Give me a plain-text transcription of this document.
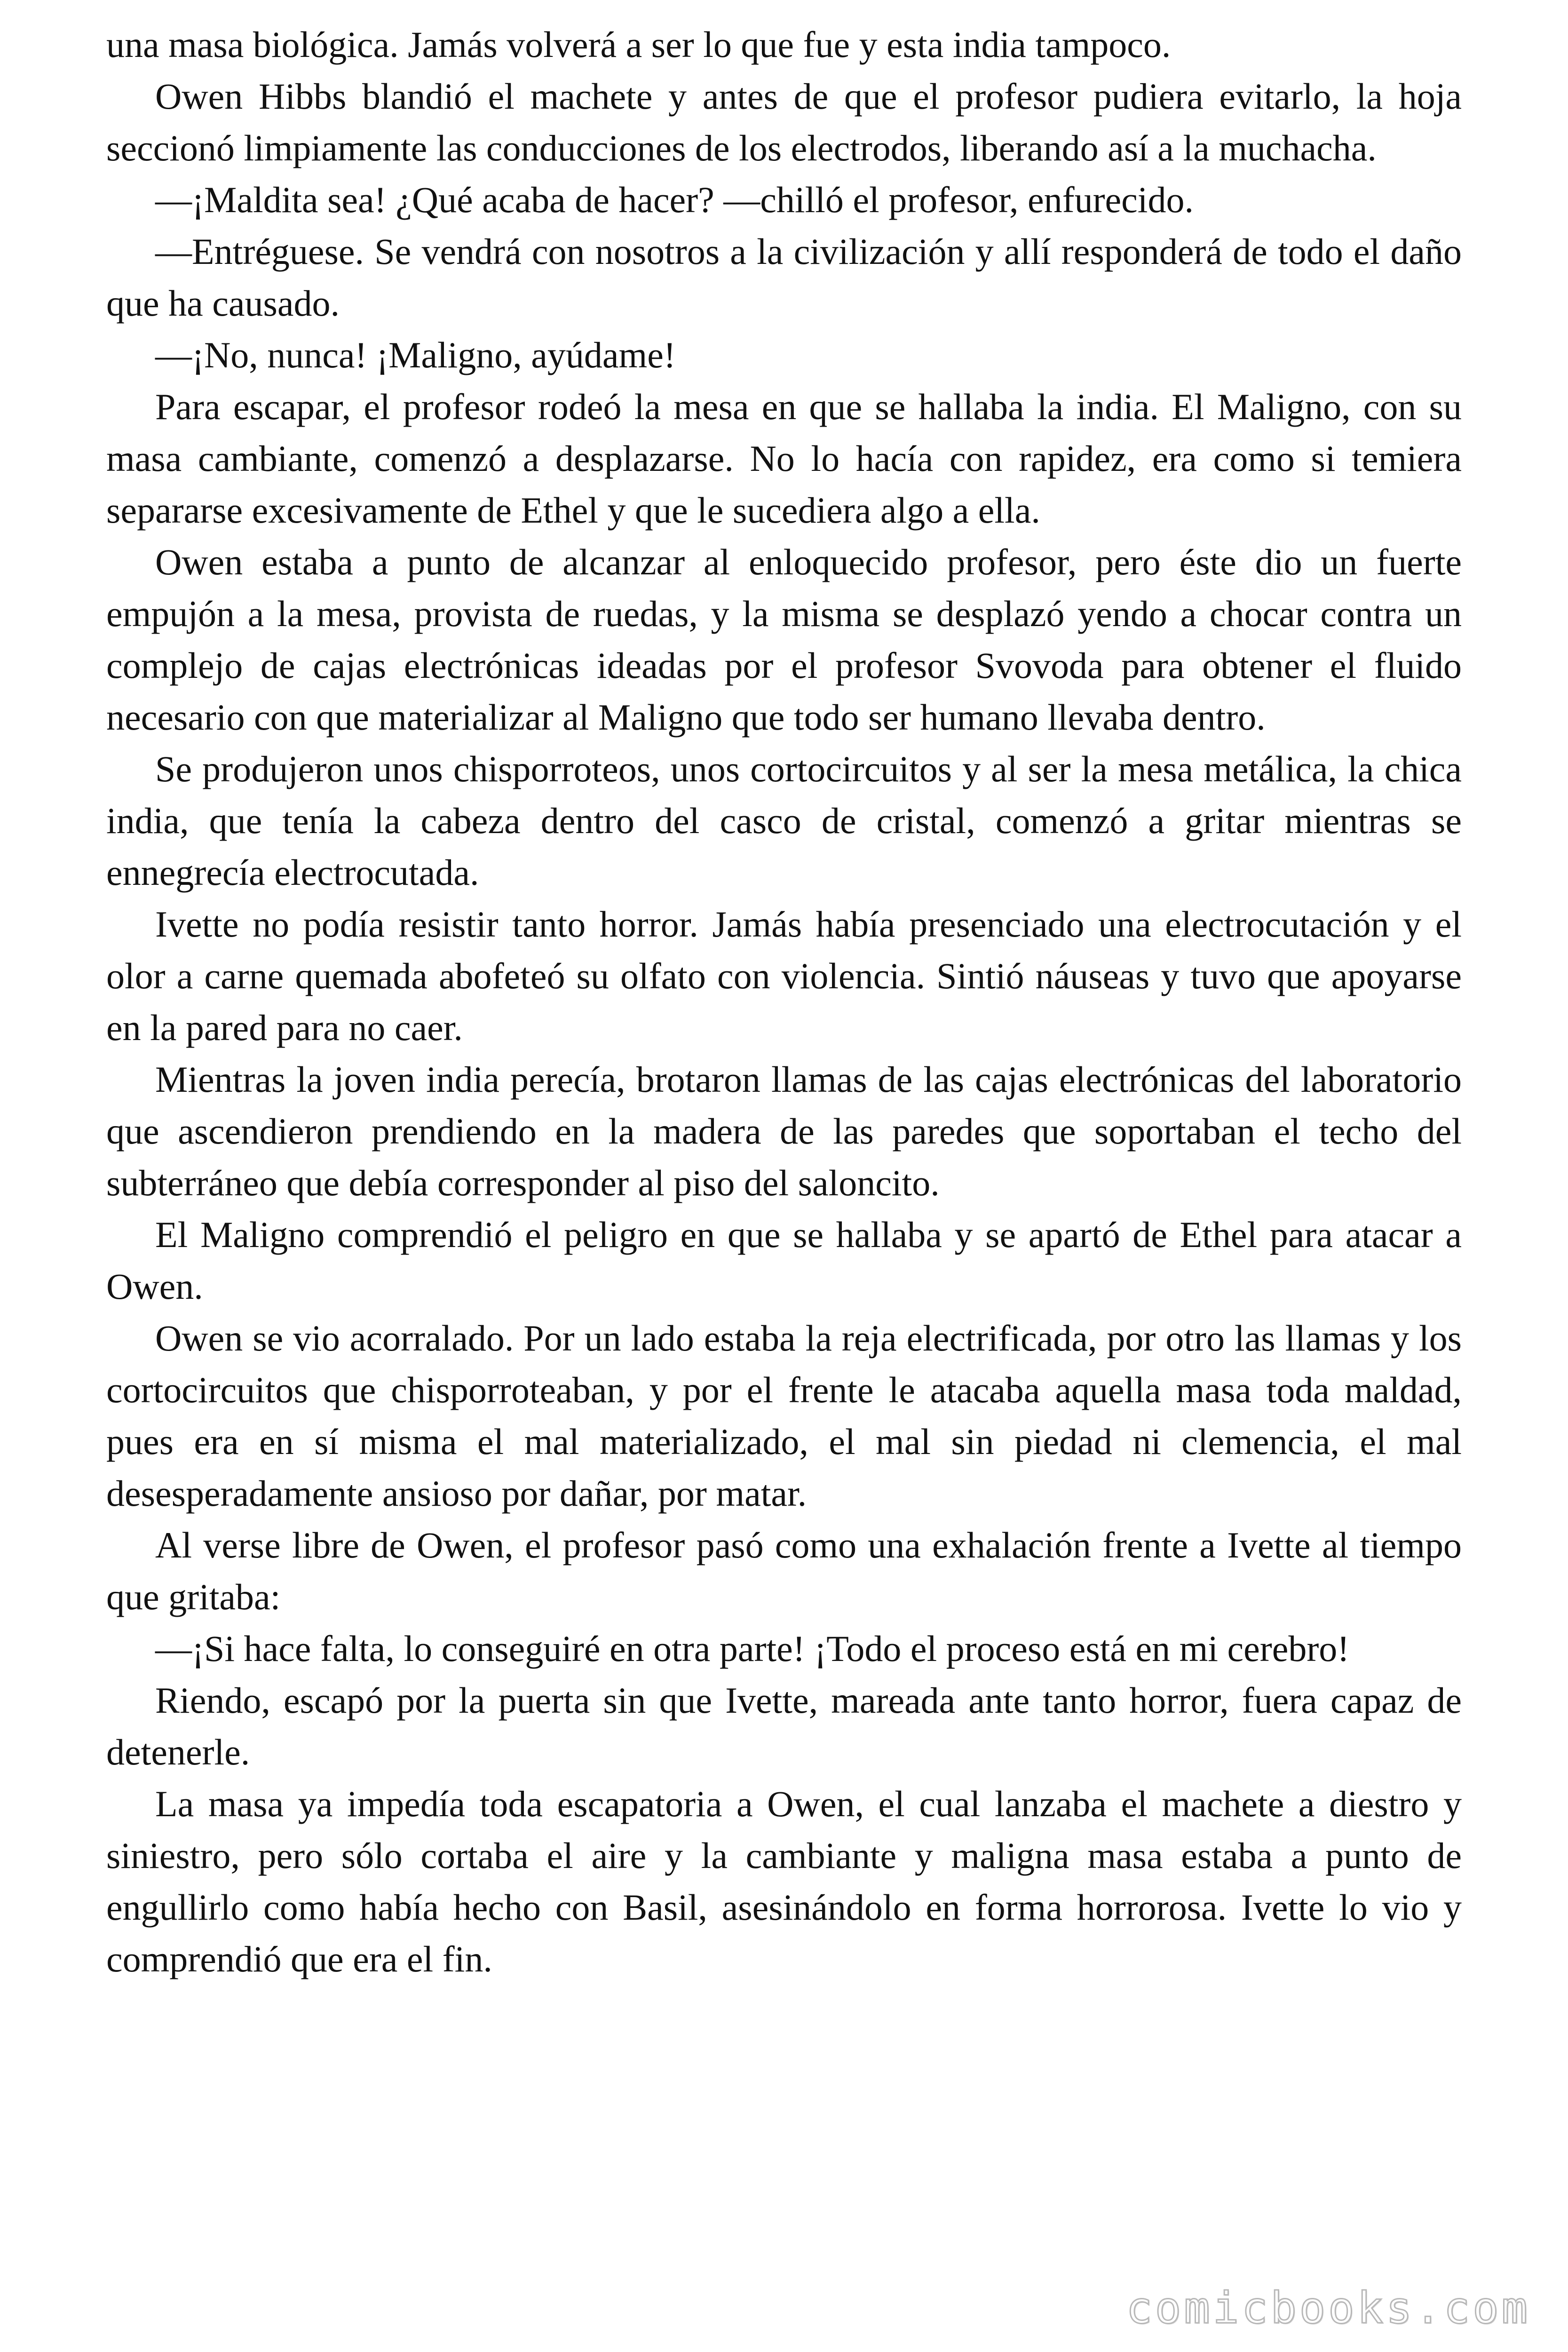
una masa biológica. Jamás volverá a ser lo que fue y esta india tampoco.

Owen Hibbs blandió el machete y antes de que el profesor pudiera evitarlo, la hoja seccionó limpiamente las conducciones de los electrodos, liberando así a la muchacha.

—¡Maldita sea! ¿Qué acaba de hacer? —chilló el profesor, enfurecido.

—Entréguese. Se vendrá con nosotros a la civilización y allí responderá de todo el daño que ha causado.

—¡No, nunca! ¡Maligno, ayúdame!

Para escapar, el profesor rodeó la mesa en que se hallaba la india. El Maligno, con su masa cambiante, comenzó a desplazarse. No lo hacía con rapidez, era como si temiera separarse excesivamente de Ethel y que le sucediera algo a ella.

Owen estaba a punto de alcanzar al enloquecido profesor, pero éste dio un fuerte empujón a la mesa, provista de ruedas, y la misma se desplazó yendo a chocar contra un complejo de cajas electrónicas ideadas por el profesor Svovoda para obtener el fluido necesario con que materializar al Maligno que todo ser humano llevaba dentro.

Se produjeron unos chisporroteos, unos cortocircuitos y al ser la mesa metálica, la chica india, que tenía la cabeza dentro del casco de cristal, comenzó a gritar mientras se ennegrecía electrocutada.

Ivette no podía resistir tanto horror. Jamás había presenciado una electrocutación y el olor a carne quemada abofeteó su olfato con violencia. Sintió náuseas y tuvo que apoyarse en la pared para no caer.

Mientras la joven india perecía, brotaron llamas de las cajas electrónicas del laboratorio que ascendieron prendiendo en la madera de las paredes que soportaban el techo del subterráneo que debía corresponder al piso del saloncito.

El Maligno comprendió el peligro en que se hallaba y se apartó de Ethel para atacar a Owen.

Owen se vio acorralado. Por un lado estaba la reja electrificada, por otro las llamas y los cortocircuitos que chisporroteaban, y por el frente le atacaba aquella masa toda maldad, pues era en sí misma el mal materializado, el mal sin piedad ni clemencia, el mal desesperadamente ansioso por dañar, por matar.

Al verse libre de Owen, el profesor pasó como una exhalación frente a Ivette al tiempo que gritaba:

—¡Si hace falta, lo conseguiré en otra parte! ¡Todo el proceso está en mi cerebro!

Riendo, escapó por la puerta sin que Ivette, mareada ante tanto horror, fuera capaz de detenerle.

La masa ya impedía toda escapatoria a Owen, el cual lanzaba el machete a diestro y siniestro, pero sólo cortaba el aire y la cambiante y maligna masa estaba a punto de engullirlo como había hecho con Basil, asesinándolo en forma horrorosa. Ivette lo vio y comprendió que era el fin.

comicbooks.com
